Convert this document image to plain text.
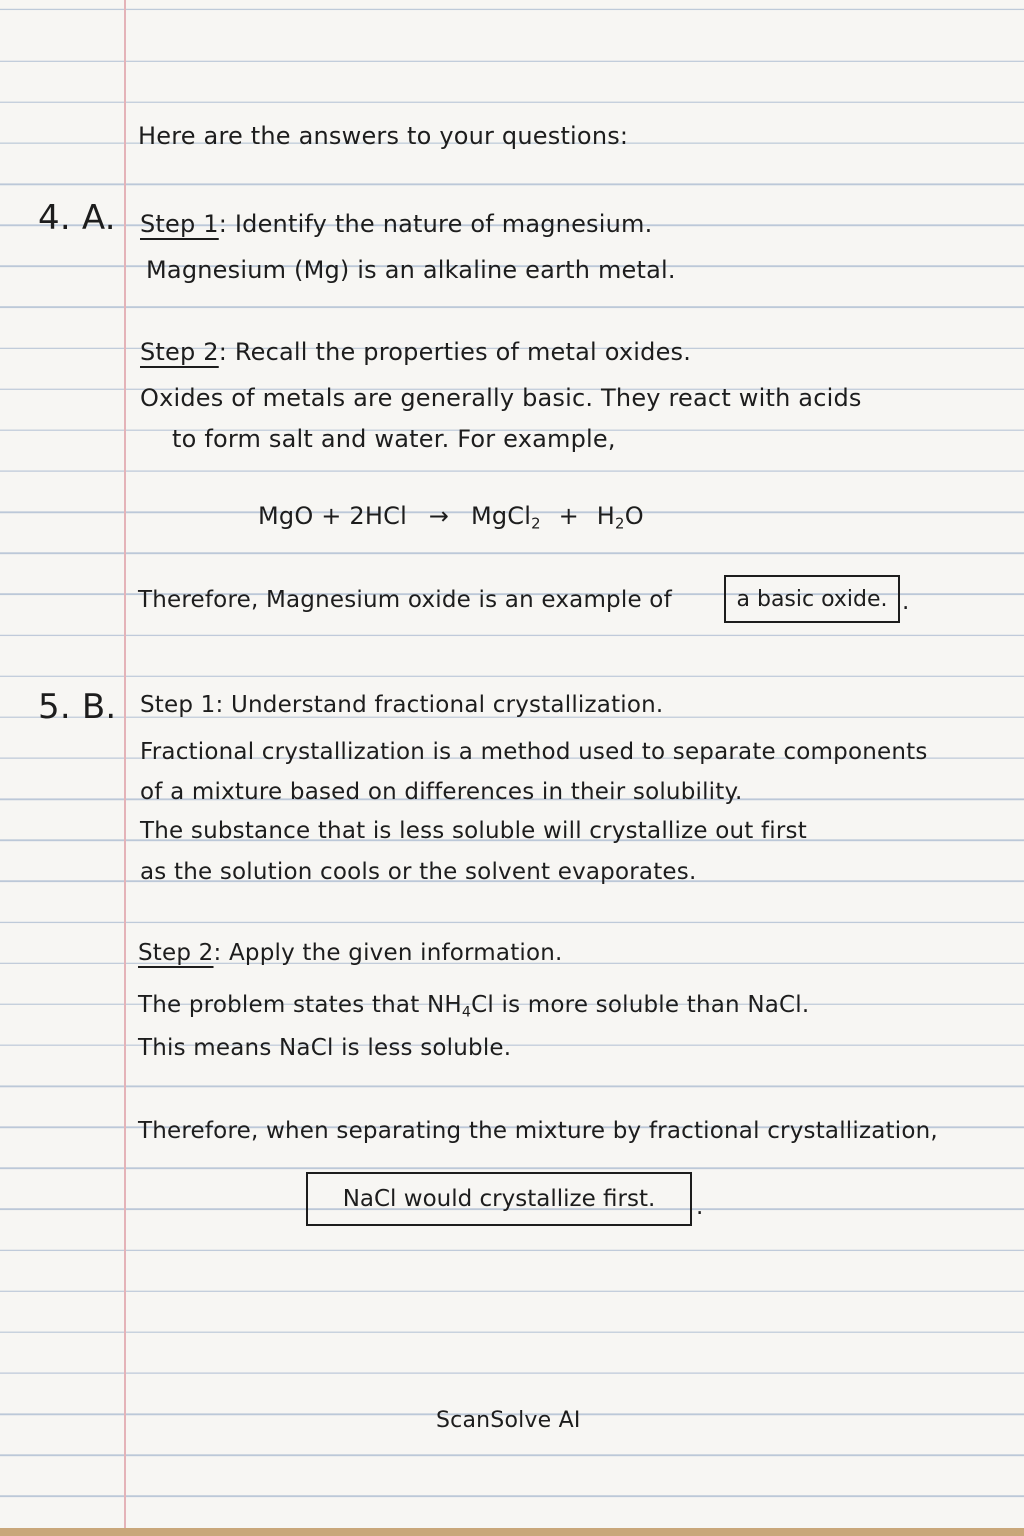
Here are the answers to your questions:
4. A. Step 1: Identify the nature of magnesium.
Magnesium (Mg) is an alkaline earth metal.
Step 2: Recall the properties of metal oxides.
Oxides of metals are generally basic. They react with acids
to form salt and water. For example,
MgO + 2HCl → MgCl$_2$ + $H_2O$
Therefore, Magnesium oxide is an example of	a basic oxide. .
5. B. Step 1: Understand fractional crystallization.
Fractional crystallization is a method used to separate components
of a mixture based on differences in their solubility.
The substance that is less soluble will crystallize out first
as the solution cools or the solvent evaporates.
Step 2: Apply the given information.
The problem states that $NH_4Cl$ is more soluble than NaCl.
This means NaCl is less soluble.
Therefore, when separating the mixture by fractional crystallization,
NaCl would crystallize first.	.
ScanSolve AI
